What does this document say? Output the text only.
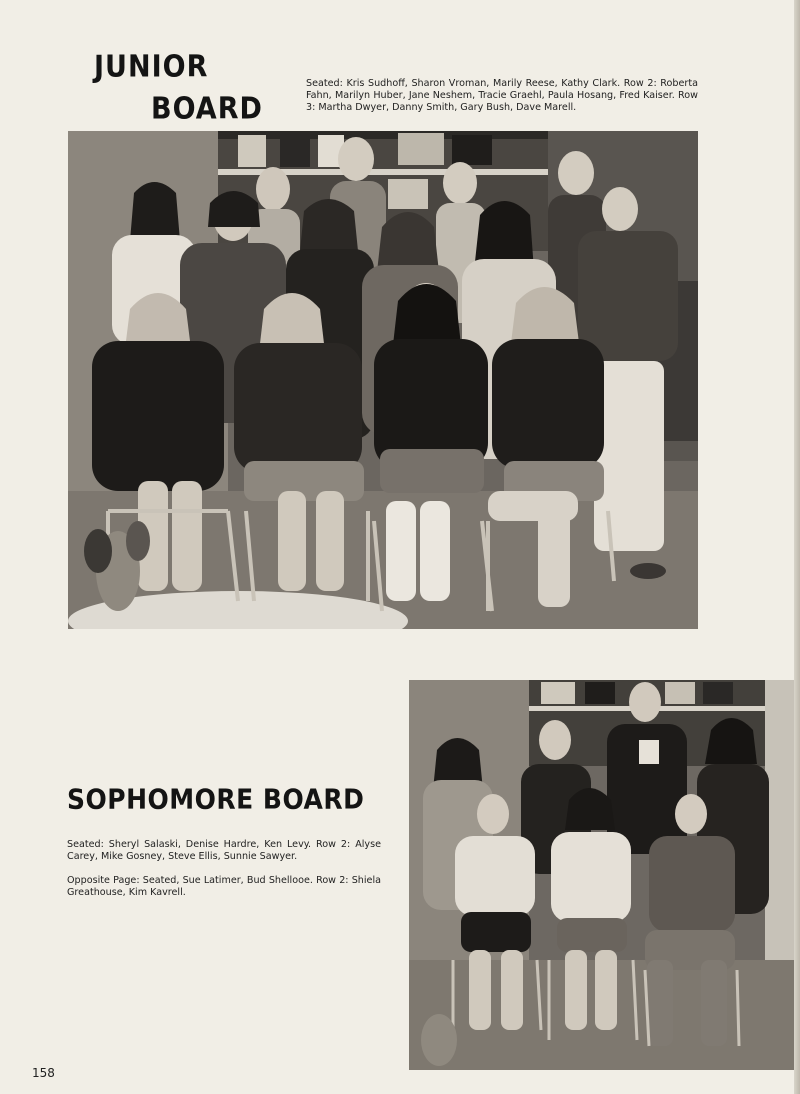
JUNIOR
BOARD

Seated: Kris Sudhoff, Sharon Vroman, Marily Reese, Kathy Clark. Row 2: Roberta Fahn, Marilyn Huber, Jane Neshem, Tracie Graehl, Paula Hosang, Fred Kaiser. Row 3: Martha Dwyer, Danny Smith, Gary Bush, Dave Marell.

SOPHOMORE BOARD

Seated: Sheryl Salaski, Denise Hardre, Ken Levy. Row 2: Alyse Carey, Mike Gosney, Steve Ellis, Sunnie Sawyer.

Opposite Page: Seated, Sue Latimer, Bud Shellooe. Row 2: Shiela Greathouse, Kim Kavrell.

158
